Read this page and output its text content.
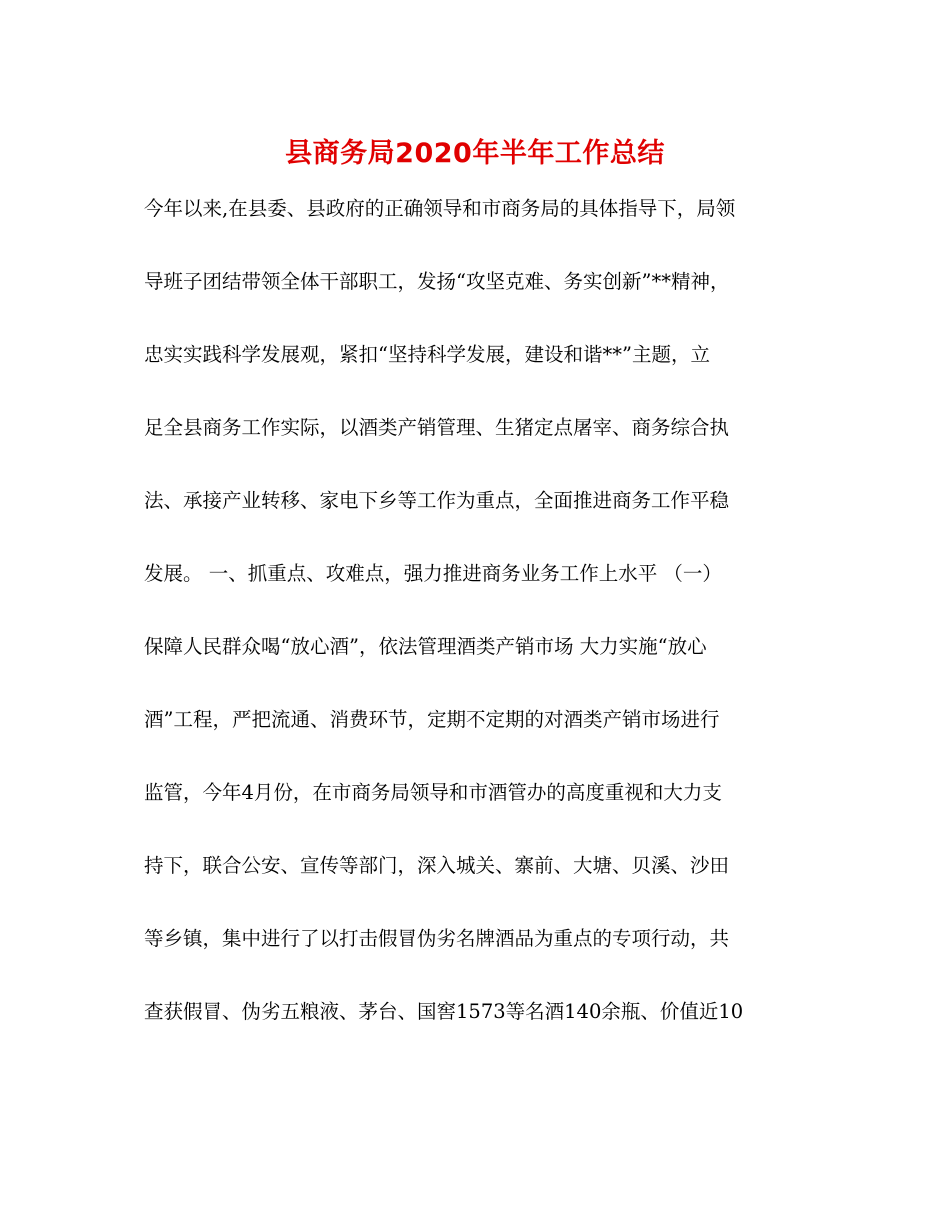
县商务局2020年半年工作总结
今年以来,在县委、县政府的正确领导和市商务局的具体指导下，局领
导班子团结带领全体干部职工，发扬“攻坚克难、务实创新”**精神，
忠实实践科学发展观，紧扣“坚持科学发展，建设和谐**”主题，立
足全县商务工作实际，以酒类产销管理、生猪定点屠宰、商务综合执
法、承接产业转移、家电下乡等工作为重点，全面推进商务工作平稳
发展。 一、抓重点、攻难点，强力推进商务业务工作上水平 （一）
保障人民群众喝“放心酒”，依法管理酒类产销市场 大力实施“放心
酒”工程，严把流通、消费环节，定期不定期的对酒类产销市场进行
监管，今年4月份，在市商务局领导和市酒管办的高度重视和大力支
持下，联合公安、宣传等部门，深入城关、寨前、大塘、贝溪、沙田
等乡镇，集中进行了以打击假冒伪劣名牌酒品为重点的专项行动，共
查获假冒、伪劣五粮液、茅台、国窖1573等名酒140余瓶、价值近10
